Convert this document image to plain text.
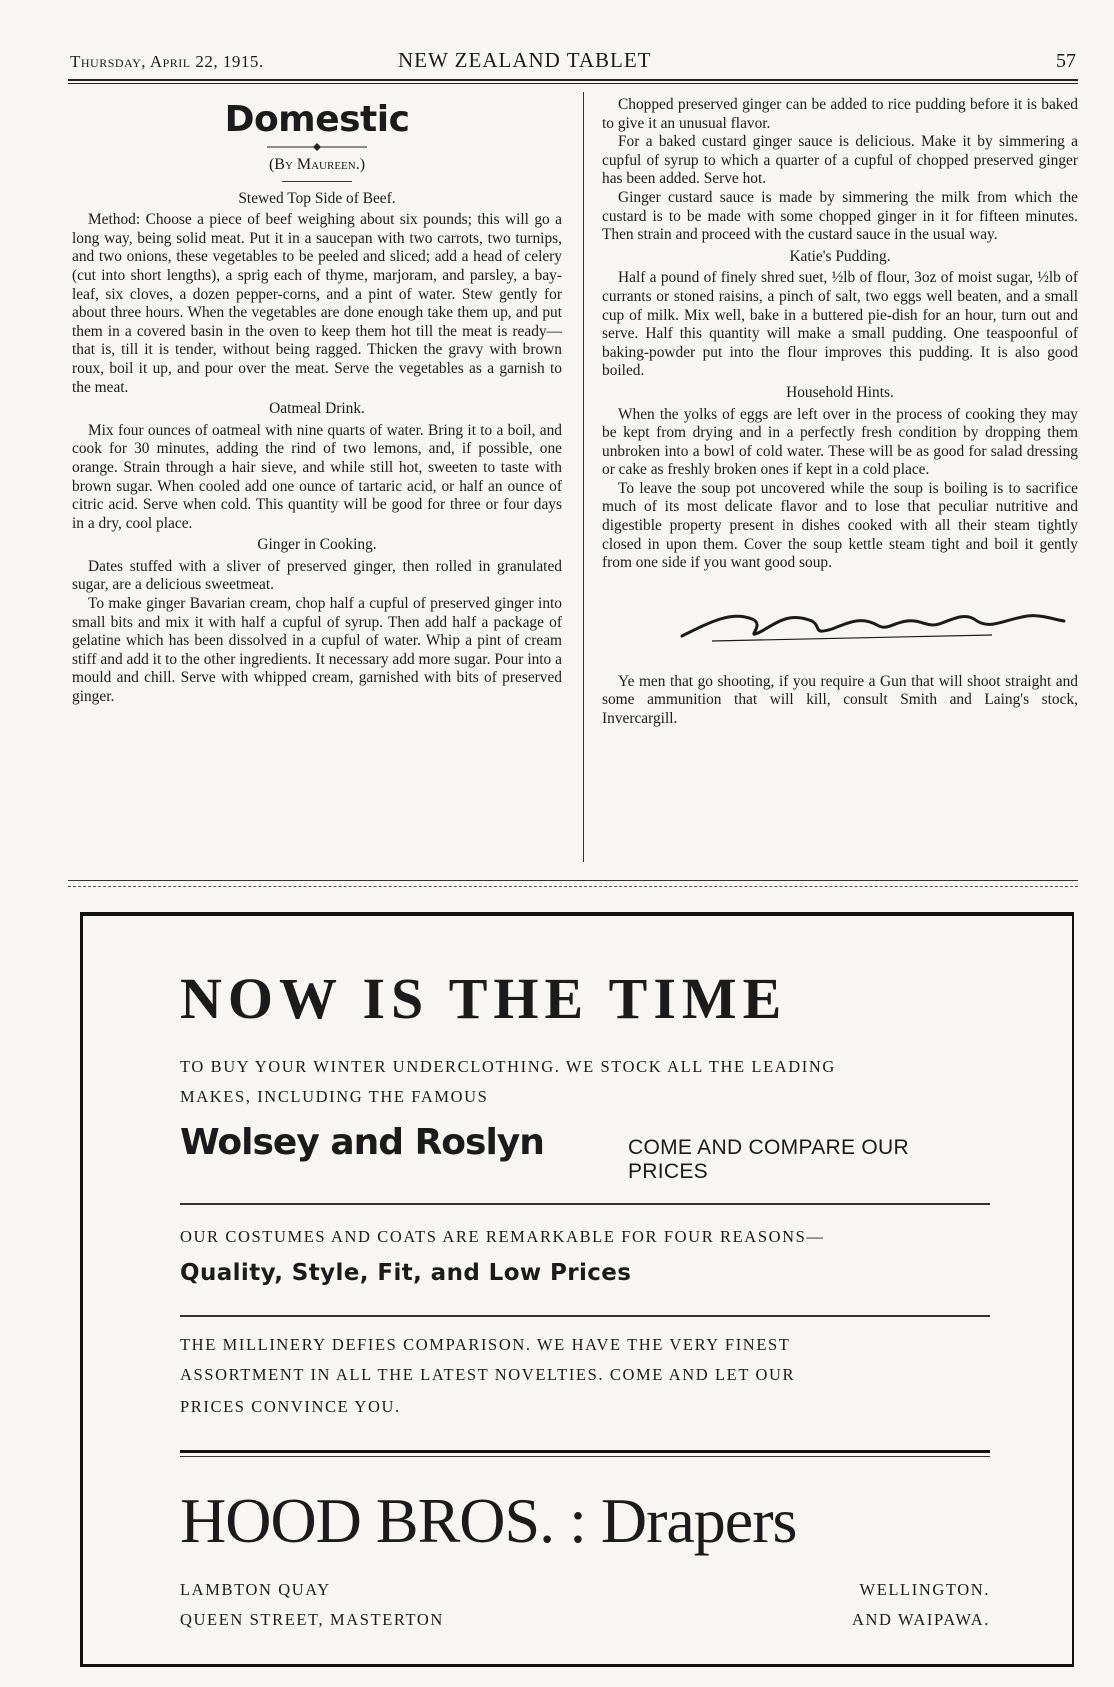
Thursday, April 22, 1915.	NEW ZEALAND TABLET	57
Domestic
(By Maureen.)

Stewed Top Side of Beef.

Method: Choose a piece of beef weighing about six pounds; this will go a long way, being solid meat. Put it in a saucepan with two carrots, two turnips, and two onions, these vegetables to be peeled and sliced; add a head of celery (cut into short lengths), a sprig each of thyme, marjoram, and parsley, a bay-leaf, six cloves, a dozen pepper-corns, and a pint of water. Stew gently for about three hours. When the vegetables are done enough take them up, and put them in a covered basin in the oven to keep them hot till the meat is ready— that is, till it is tender, without being ragged. Thicken the gravy with brown roux, boil it up, and pour over the meat. Serve the vegetables as a garnish to the meat.

Oatmeal Drink.

Mix four ounces of oatmeal with nine quarts of water. Bring it to a boil, and cook for 30 minutes, adding the rind of two lemons, and, if possible, one orange. Strain through a hair sieve, and while still hot, sweeten to taste with brown sugar. When cooled add one ounce of tartaric acid, or half an ounce of citric acid. Serve when cold. This quantity will be good for three or four days in a dry, cool place.

Ginger in Cooking.

Dates stuffed with a sliver of preserved ginger, then rolled in granulated sugar, are a delicious sweetmeat.

To make ginger Bavarian cream, chop half a cupful of preserved ginger into small bits and mix it with half a cupful of syrup. Then add half a package of gelatine which has been dissolved in a cupful of water. Whip a pint of cream stiff and add it to the other ingredients. It necessary add more sugar. Pour into a mould and chill. Serve with whipped cream, garnished with bits of preserved ginger.

Chopped preserved ginger can be added to rice pudding before it is baked to give it an unusual flavor.

For a baked custard ginger sauce is delicious. Make it by simmering a cupful of syrup to which a quarter of a cupful of chopped preserved ginger has been added. Serve hot.

Ginger custard sauce is made by simmering the milk from which the custard is to be made with some chopped ginger in it for fifteen minutes. Then strain and proceed with the custard sauce in the usual way.

Katie's Pudding.

Half a pound of finely shred suet, ½lb of flour, 3oz of moist sugar, ½lb of currants or stoned raisins, a pinch of salt, two eggs well beaten, and a small cup of milk. Mix well, bake in a buttered pie-dish for an hour, turn out and serve. Half this quantity will make a small pudding. One teaspoonful of baking-powder put into the flour improves this pudding. It is also good boiled.

Household Hints.

When the yolks of eggs are left over in the process of cooking they may be kept from drying and in a perfectly fresh condition by dropping them unbroken into a bowl of cold water. These will be as good for salad dressing or cake as freshly broken ones if kept in a cold place.

To leave the soup pot uncovered while the soup is boiling is to sacrifice much of its most delicate flavor and to lose that peculiar nutritive and digestible property present in dishes cooked with all their steam tightly closed in upon them. Cover the soup kettle steam tight and boil it gently from one side if you want good soup.

Ye men that go shooting, if you require a Gun that will shoot straight and some ammunition that will kill, consult Smith and Laing's stock, Invercargill.

NOW IS THE TIME
TO BUY YOUR WINTER UNDERCLOTHING. WE STOCK ALL THE LEADING
MAKES, INCLUDING THE FAMOUS
Wolsey and Roslyn	COME AND COMPARE OUR PRICES
OUR COSTUMES AND COATS ARE REMARKABLE FOR FOUR REASONS—
Quality, Style, Fit, and Low Prices
THE MILLINERY DEFIES COMPARISON. WE HAVE THE VERY FINEST
ASSORTMENT IN ALL THE LATEST NOVELTIES. COME AND LET OUR
PRICES CONVINCE YOU.
HOOD BROS. : Drapers
LAMBTON QUAY	WELLINGTON.
QUEEN STREET, MASTERTON	AND WAIPAWA.
